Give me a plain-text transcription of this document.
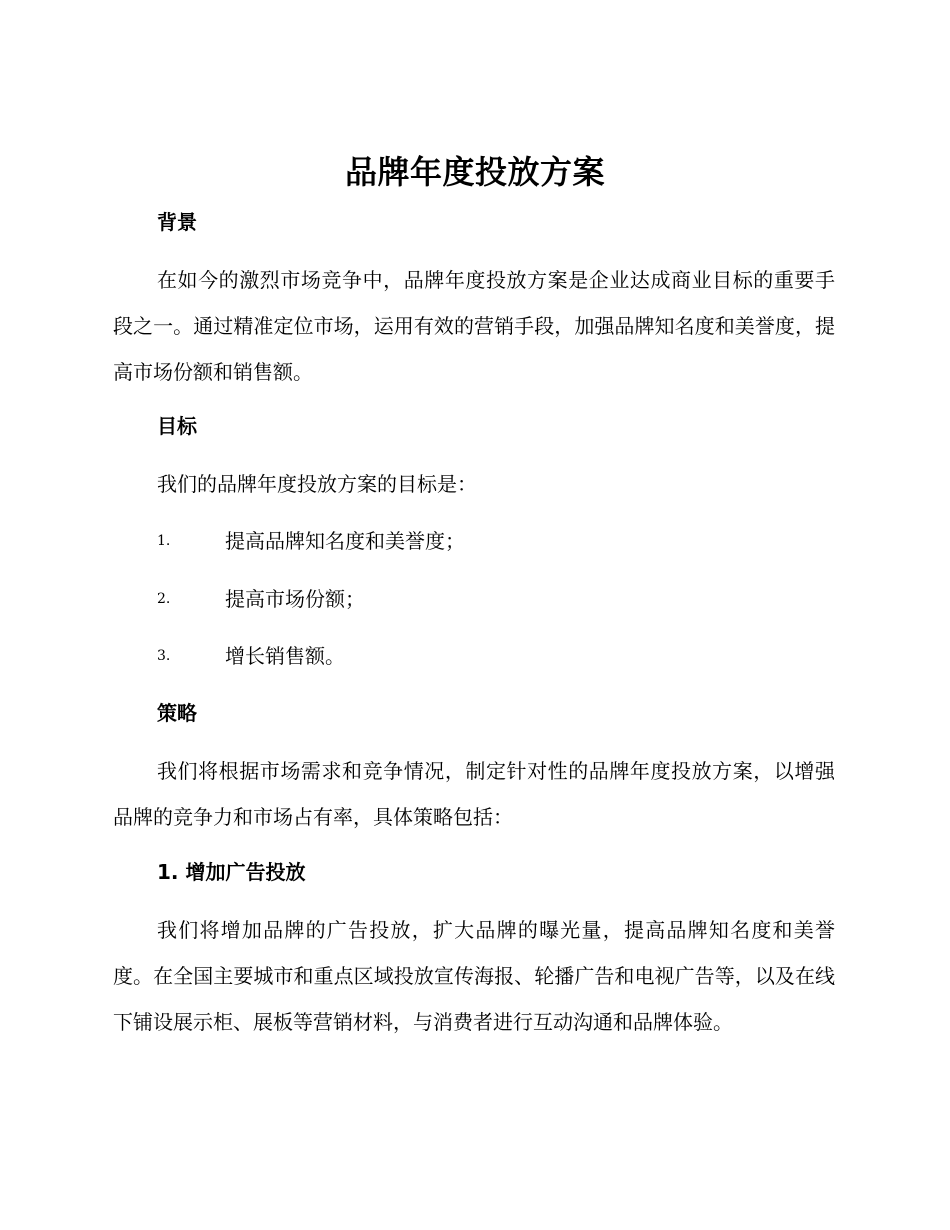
品牌年度投放方案
背景
在如今的激烈市场竞争中，品牌年度投放方案是企业达成商业目标的重要手段之一。通过精准定位市场，运用有效的营销手段，加强品牌知名度和美誉度，提高市场份额和销售额。
目标
我们的品牌年度投放方案的目标是：
1.	提高品牌知名度和美誉度；
2.	提高市场份额；
3.	增长销售额。
策略
我们将根据市场需求和竞争情况，制定针对性的品牌年度投放方案，以增强品牌的竞争力和市场占有率，具体策略包括：
1. 增加广告投放
我们将增加品牌的广告投放，扩大品牌的曝光量，提高品牌知名度和美誉度。在全国主要城市和重点区域投放宣传海报、轮播广告和电视广告等，以及在线下铺设展示柜、展板等营销材料，与消费者进行互动沟通和品牌体验。
